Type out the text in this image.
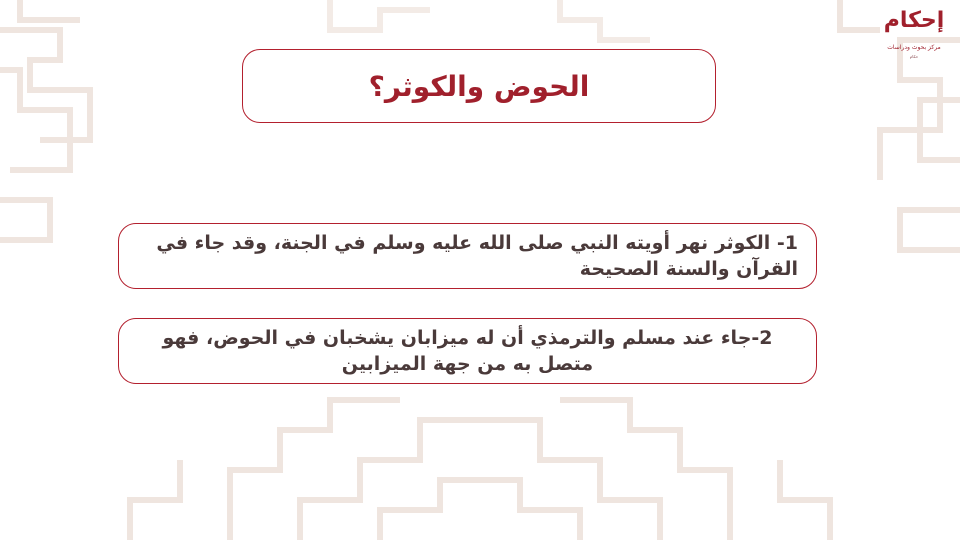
إحكام
مركز بحوث ودراسات
حكام
الحوض والكوثر؟
1- الكوثر نهر أويته النبي صلى الله عليه وسلم في الجنة، وقد جاء في القرآن والسنة الصحيحة
2-جاء عند مسلم والترمذي أن له ميزابان يشخبان في الحوض، فهو متصل به من جهة الميزابين
